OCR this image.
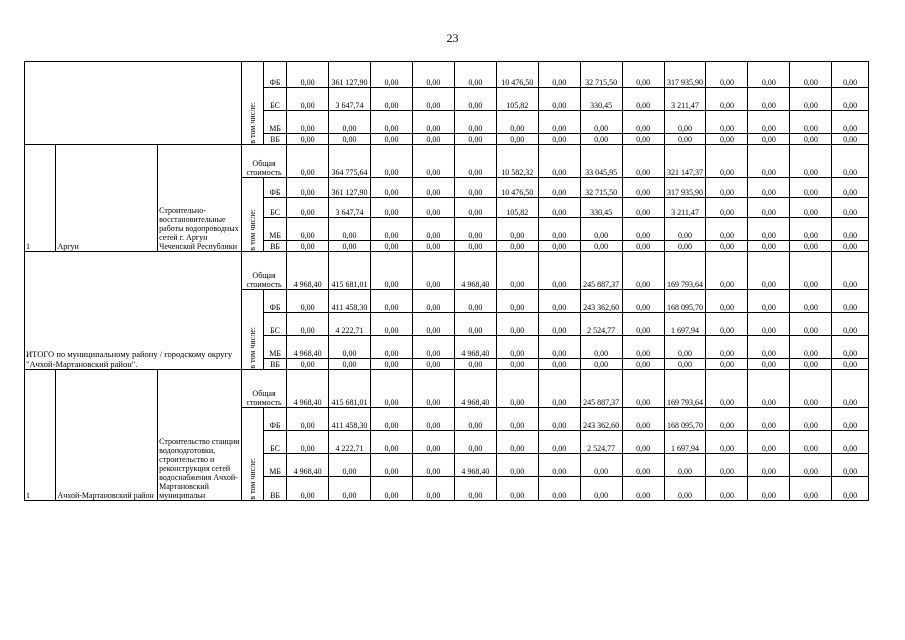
23

			в том числе:	ФБ	0,00	361 127,90	0,00	0,00	0,00	10 476,50	0,00	32 715,50	0,00	317 935,90	0,00	0,00	0,00	0,00
				БС	0,00	3 647,74	0,00	0,00	0,00	105,82	0,00	330,45	0,00	3 211,47	0,00	0,00	0,00	0,00
				МБ	0,00	0,00	0,00	0,00	0,00	0,00	0,00	0,00	0,00	0,00	0,00	0,00	0,00	0,00
				ВБ	0,00	0,00	0,00	0,00	0,00	0,00	0,00	0,00	0,00	0,00	0,00	0,00	0,00	0,00
1	Аргун	Строительно-восстановительные работы водопроводных сетей г. Аргун Чеченской Республики	Общая стоимость		0,00	364 775,64	0,00	0,00	0,00	10 582,32	0,00	33 045,95	0,00	321 147,37	0,00	0,00	0,00	0,00

			в том числе:	ФБ	0,00	361 127,90	0,00	0,00	0,00	10 476,50	0,00	32 715,50	0,00	317 935,90	0,00	0,00	0,00	0,00
				БС	0,00	3 647,74	0,00	0,00	0,00	105,82	0,00	330,45	0,00	3 211,47	0,00	0,00	0,00	0,00
				МБ	0,00	0,00	0,00	0,00	0,00	0,00	0,00	0,00	0,00	0,00	0,00	0,00	0,00	0,00
				ВБ	0,00	0,00	0,00	0,00	0,00	0,00	0,00	0,00	0,00	0,00	0,00	0,00	0,00	0,00
ИТОГО по муниципальному району / городскому округу "Ачхой-Мартановский район".			Общая стоимость		4 968,40	415 681,01	0,00	0,00	4 968,40	0,00	0,00	245 887,37	0,00	169 793,64	0,00	0,00	0,00	0,00

			в том числе:	ФБ	0,00	411 458,30	0,00	0,00	0,00	0,00	0,00	243 362,60	0,00	168 095,70	0,00	0,00	0,00	0,00
				БС	0,00	4 222,71	0,00	0,00	0,00	0,00	0,00	2 524,77	0,00	1 697,94	0,00	0,00	0,00	0,00
				МБ	4 968,40	0,00	0,00	0,00	4 968,40	0,00	0,00	0,00	0,00	0,00	0,00	0,00	0,00	0,00
				ВБ	0,00	0,00	0,00	0,00	0,00	0,00	0,00	0,00	0,00	0,00	0,00	0,00	0,00	0,00
1	Ачхой-Мартановский район	Строительство станции водоподготовки, строительство и реконструкция сетей водоснабжения Ачхой-Мартановский муниципальн	Общая стоимость		4 968,40	415 681,01	0,00	0,00	4 968,40	0,00	0,00	245 887,37	0,00	169 793,64	0,00	0,00	0,00	0,00

			в том числе:	ФБ	0,00	411 458,30	0,00	0,00	0,00	0,00	0,00	243 362,60	0,00	168 095,70	0,00	0,00	0,00	0,00
				БС	0,00	4 222,71	0,00	0,00	0,00	0,00	0,00	2 524,77	0,00	1 697,94	0,00	0,00	0,00	0,00
				МБ	4 968,40	0,00	0,00	0,00	4 968,40	0,00	0,00	0,00	0,00	0,00	0,00	0,00	0,00	0,00
				ВБ	0,00	0,00	0,00	0,00	0,00	0,00	0,00	0,00	0,00	0,00	0,00	0,00	0,00	0,00
